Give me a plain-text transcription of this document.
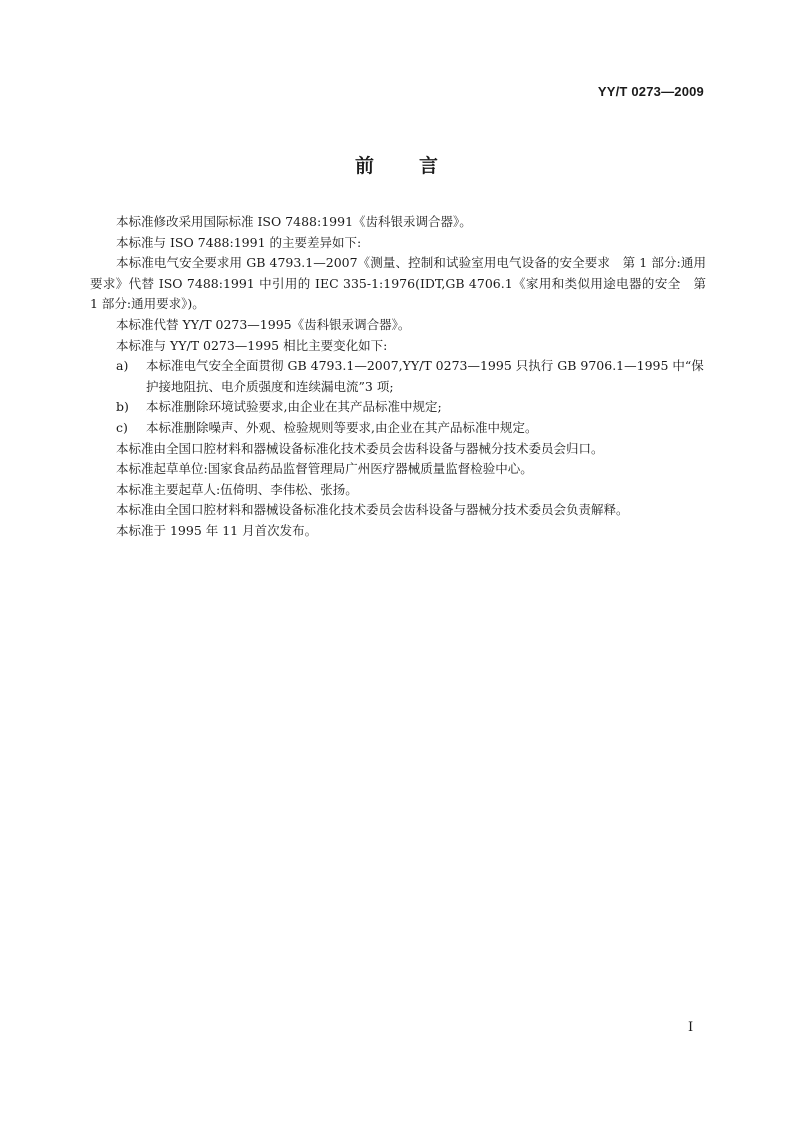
YY/T 0273—2009
前 言

本标准修改采用国际标准 ISO 7488:1991《齿科银汞调合器》。

本标准与 ISO 7488:1991 的主要差异如下:

本标准电气安全要求用 GB 4793.1—2007《测量、控制和试验室用电气设备的安全要求　第 1 部分:通用要求》代替 ISO 7488:1991 中引用的 IEC 335-1:1976(IDT,GB 4706.1《家用和类似用途电器的安全　第 1 部分:通用要求》)。

本标准代替 YY/T 0273—1995《齿科银汞调合器》。

本标准与 YY/T 0273—1995 相比主要变化如下:

a) 本标准电气安全全面贯彻 GB 4793.1—2007,YY/T 0273—1995 只执行 GB 9706.1—1995 中“保护接地阻抗、电介质强度和连续漏电流”3 项;
b) 本标准删除环境试验要求,由企业在其产品标准中规定;
c) 本标准删除噪声、外观、检验规则等要求,由企业在其产品标准中规定。

本标准由全国口腔材料和器械设备标准化技术委员会齿科设备与器械分技术委员会归口。

本标准起草单位:国家食品药品监督管理局广州医疗器械质量监督检验中心。

本标准主要起草人:伍倚明、李伟松、张扬。

本标准由全国口腔材料和器械设备标准化技术委员会齿科设备与器械分技术委员会负责解释。

本标准于 1995 年 11 月首次发布。

I
